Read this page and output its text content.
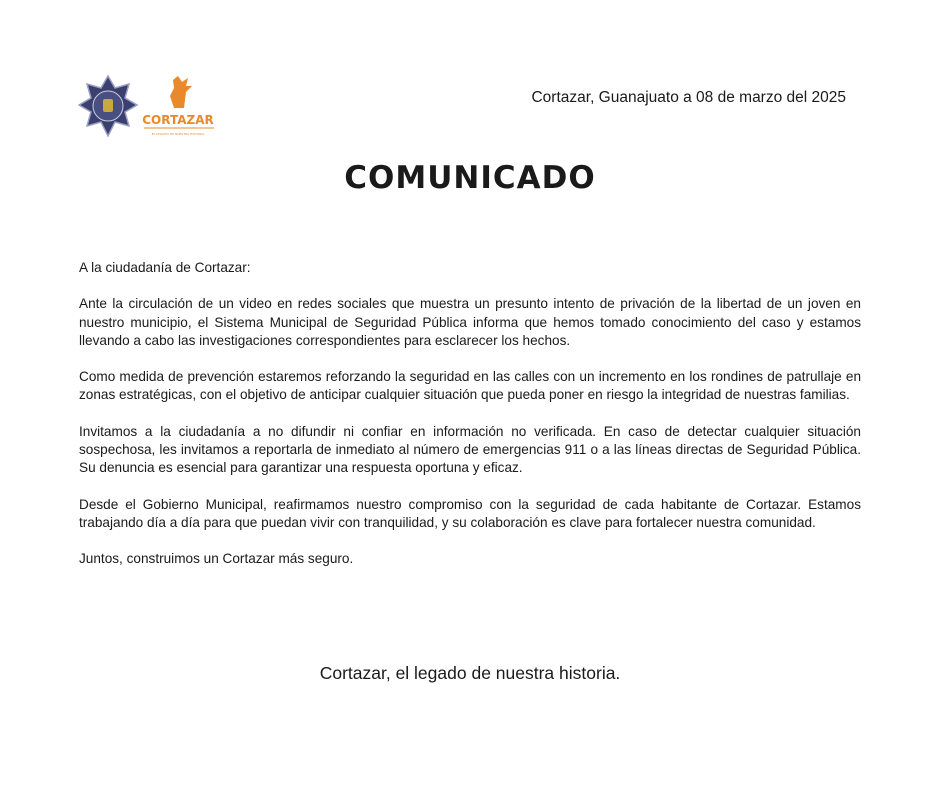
CORTAZAR
EL LEGADO DE NUESTRA HISTORIA
Cortazar, Guanajuato a 08 de marzo del 2025
COMUNICADO

A la ciudadanía de Cortazar:

Ante la circulación de un video en redes sociales que muestra un presunto intento de privación de la libertad de un joven en nuestro municipio, el Sistema Municipal de Seguridad Pública informa que hemos tomado conocimiento del caso y estamos llevando a cabo las investigaciones correspondientes para esclarecer los hechos.

Como medida de prevención estaremos reforzando la seguridad en las calles con un incremento en los rondines de patrullaje en zonas estratégicas, con el objetivo de anticipar cualquier situación que pueda poner en riesgo la integridad de nuestras familias.

Invitamos a la ciudadanía a no difundir ni confiar en información no verificada. En caso de detectar cualquier situación sospechosa, les invitamos a reportarla de inmediato al número de emergencias 911 o a las líneas directas de Seguridad Pública. Su denuncia es esencial para garantizar una respuesta oportuna y eficaz.

Desde el Gobierno Municipal, reafirmamos nuestro compromiso con la seguridad de cada habitante de Cortazar. Estamos trabajando día a día para que puedan vivir con tranquilidad, y su colaboración es clave para fortalecer nuestra comunidad.

Juntos, construimos un Cortazar más seguro.

Cortazar, el legado de nuestra historia.
